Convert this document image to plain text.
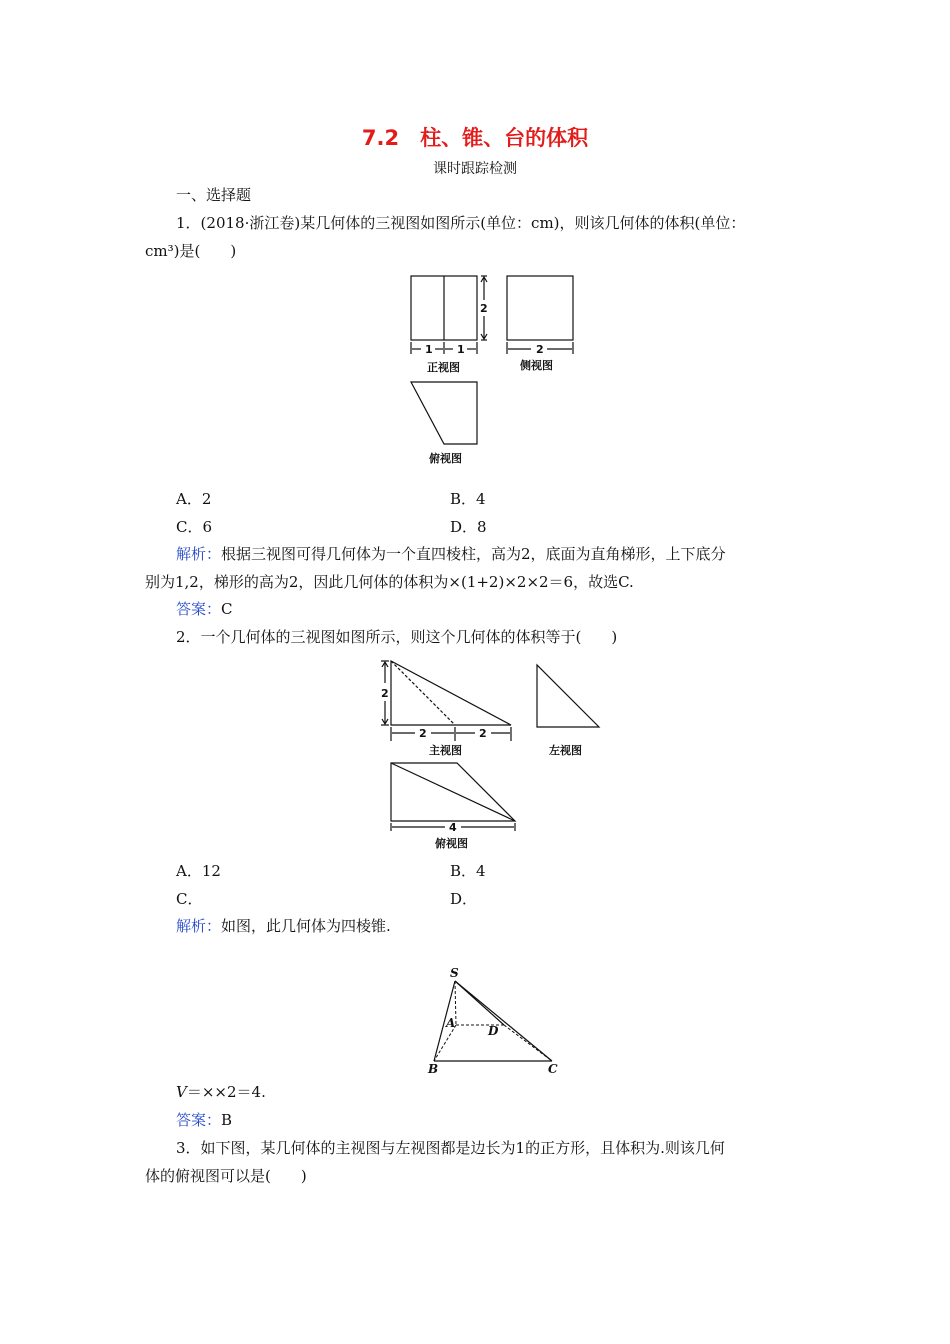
7.2　柱、锥、台的体积
课时跟踪检测
一、选择题
1．(2018·浙江卷)某几何体的三视图如图所示(单位：cm)，则该几何体的体积(单位：
cm³)是(　　)
2
1 1	2
正视图	侧视图
俯视图
A．2	B．4
C．6	D．8
解析：根据三视图可得几何体为一个直四棱柱，高为2，底面为直角梯形，上下底分
别为1,2，梯形的高为2，因此几何体的体积为×(1+2)×2×2＝6，故选C.
答案：C
2．一个几何体的三视图如图所示，则这个几何体的体积等于(　　)
2
2	2
主视图	左视图
4
俯视图
A．12	B．4
C．	D．
解析：如图，此几何体为四棱锥.
S
A
D
B	C
V＝××2＝4.
答案：B
3．如下图，某几何体的主视图与左视图都是边长为1的正方形，且体积为.则该几何
体的俯视图可以是(　　)
